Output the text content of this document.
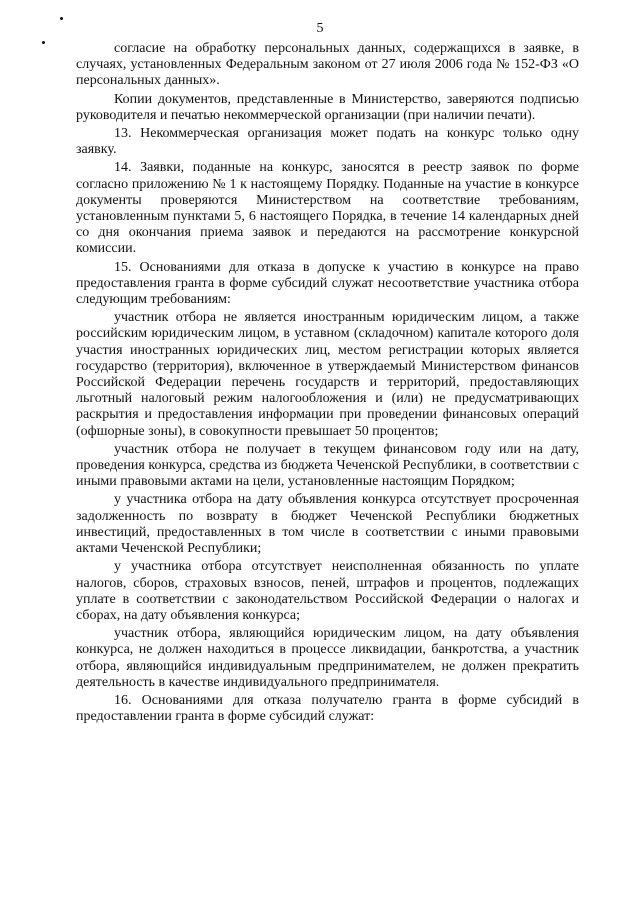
5

согласие на обработку персональных данных, содержащихся в заявке, в случаях, установленных Федеральным законом от 27 июля 2006 года № 152-ФЗ «О персональных данных».

Копии документов, представленные в Министерство, заверяются подписью руководителя и печатью некоммерческой организации (при наличии печати).

13. Некоммерческая организация может подать на конкурс только одну заявку.

14. Заявки, поданные на конкурс, заносятся в реестр заявок по форме согласно приложению № 1 к настоящему Порядку. Поданные на участие в конкурсе документы проверяются Министерством на соответствие требованиям, установленным пунктами 5, 6 настоящего Порядка, в течение 14 календарных дней со дня окончания приема заявок и передаются на рассмотрение конкурсной комиссии.

15. Основаниями для отказа в допуске к участию в конкурсе на право предоставления гранта в форме субсидий служат несоответствие участника отбора следующим требованиям:

участник отбора не является иностранным юридическим лицом, а также российским юридическим лицом, в уставном (складочном) капитале которого доля участия иностранных юридических лиц, местом регистрации которых является государство (территория), включенное в утверждаемый Министерством финансов Российской Федерации перечень государств и территорий, предоставляющих льготный налоговый режим налогообложения и (или) не предусматривающих раскрытия и предоставления информации при проведении финансовых операций (офшорные зоны), в совокупности превышает 50 процентов;

участник отбора не получает в текущем финансовом году или на дату, проведения конкурса, средства из бюджета Чеченской Республики, в соответствии с иными правовыми актами на цели, установленные настоящим Порядком;

у участника отбора на дату объявления конкурса отсутствует просроченная задолженность по возврату в бюджет Чеченской Республики бюджетных инвестиций, предоставленных в том числе в соответствии с иными правовыми актами Чеченской Республики;

у участника отбора отсутствует неисполненная обязанность по уплате налогов, сборов, страховых взносов, пеней, штрафов и процентов, подлежащих уплате в соответствии с законодательством Российской Федерации о налогах и сборах, на дату объявления конкурса;

участник отбора, являющийся юридическим лицом, на дату объявления конкурса, не должен находиться в процессе ликвидации, банкротства, а участник отбора, являющийся индивидуальным предпринимателем, не должен прекратить деятельность в качестве индивидуального предпринимателя.

16. Основаниями для отказа получателю гранта в форме субсидий в предоставлении гранта в форме субсидий служат:
